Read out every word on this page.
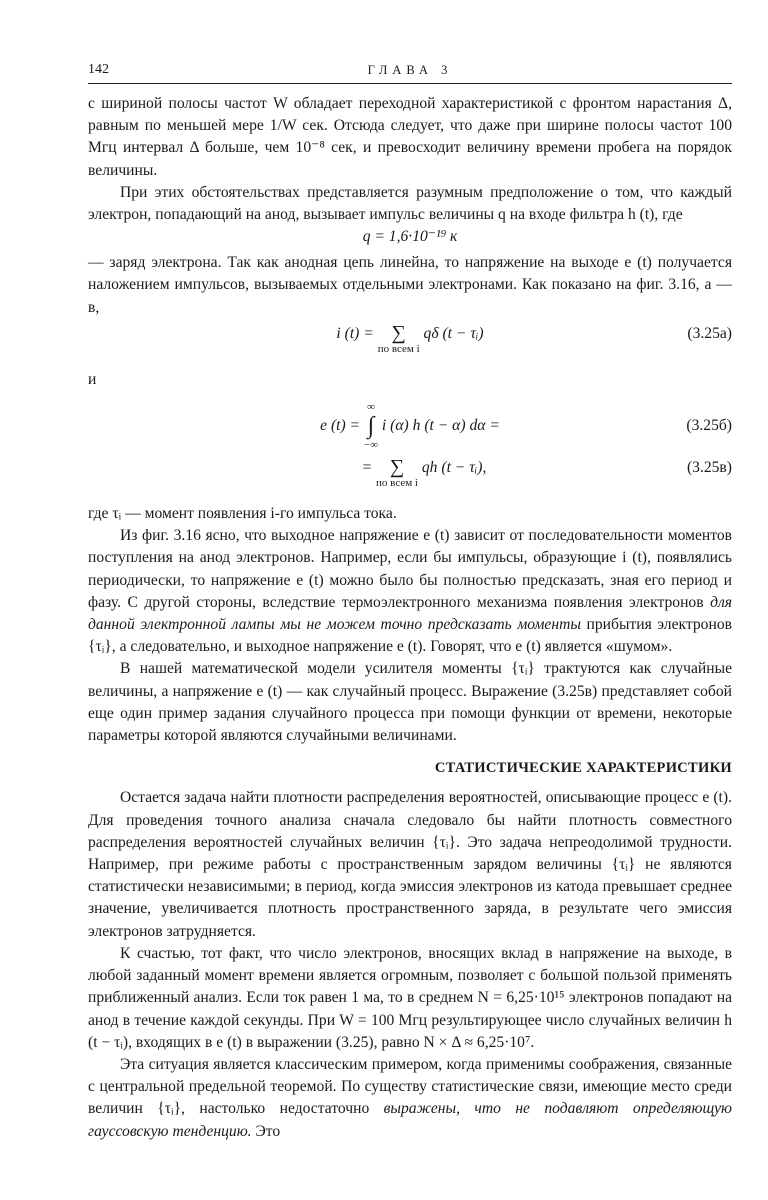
142	ГЛАВА 3

с шириной полосы частот W обладает переходной характеристикой с фронтом нарастания Δ, равным по меньшей мере 1/W сек. Отсюда следует, что даже при ширине полосы частот 100 Мгц интервал Δ больше, чем 10⁻⁸ сек, и превосходит величину времени пробега на порядок величины.

При этих обстоятельствах представляется разумным предположение о том, что каждый электрон, попадающий на анод, вызывает импульс величины q на входе фильтра h (t), где

q = 1,6·10⁻¹⁹ к

— заряд электрона. Так как анодная цепь линейна, то напряжение на выходе e (t) получается наложением импульсов, вызываемых отдельными электронами. Как показано на фиг. 3.16, а — в,

i (t) = ∑
по всем i
qδ (t − τᵢ)	(3.25а)

и

e (t) =
∞
∫
−∞
i (α) h (t − α) dα =	(3.25б)
= ∑
по всем i
qh (t − τᵢ),	(3.25в)

где τᵢ — момент появления i-го импульса тока.

Из фиг. 3.16 ясно, что выходное напряжение e (t) зависит от последовательности моментов поступления на анод электронов. Например, если бы импульсы, образующие i (t), появлялись периодически, то напряжение e (t) можно было бы полностью предсказать, зная его период и фазу. С другой стороны, вследствие термоэлектронного механизма появления электронов для данной электронной лампы мы не можем точно предсказать моменты прибытия электронов {τᵢ}, а следовательно, и выходное напряжение e (t). Говорят, что e (t) является «шумом».

В нашей математической модели усилителя моменты {τᵢ} трактуются как случайные величины, а напряжение e (t) — как случайный процесс. Выражение (3.25в) представляет собой еще один пример задания случайного процесса при помощи функции от времени, некоторые параметры которой являются случайными величинами.

СТАТИСТИЧЕСКИЕ ХАРАКТЕРИСТИКИ

Остается задача найти плотности распределения вероятностей, описывающие процесс e (t). Для проведения точного анализа сначала следовало бы найти плотность совместного распределения вероятностей случайных величин {τᵢ}. Это задача непреодолимой трудности. Например, при режиме работы с пространственным зарядом величины {τᵢ} не являются статистически независимыми; в период, когда эмиссия электронов из катода превышает среднее значение, увеличивается плотность пространственного заряда, в результате чего эмиссия электронов затрудняется.

К счастью, тот факт, что число электронов, вносящих вклад в напряжение на выходе, в любой заданный момент времени является огромным, позволяет с большой пользой применять приближенный анализ. Если ток равен 1 ма, то в среднем N = 6,25·10¹⁵ электронов попадают на анод в течение каждой секунды. При W = 100 Мгц результирующее число случайных величин h (t − τᵢ), входящих в e (t) в выражении (3.25), равно N × Δ ≈ 6,25·10⁷.

Эта ситуация является классическим примером, когда применимы соображения, связанные с центральной предельной теоремой. По существу статистические связи, имеющие место среди величин {τᵢ}, настолько недостаточно выражены, что не подавляют определяющую гауссовскую тенденцию. Это
